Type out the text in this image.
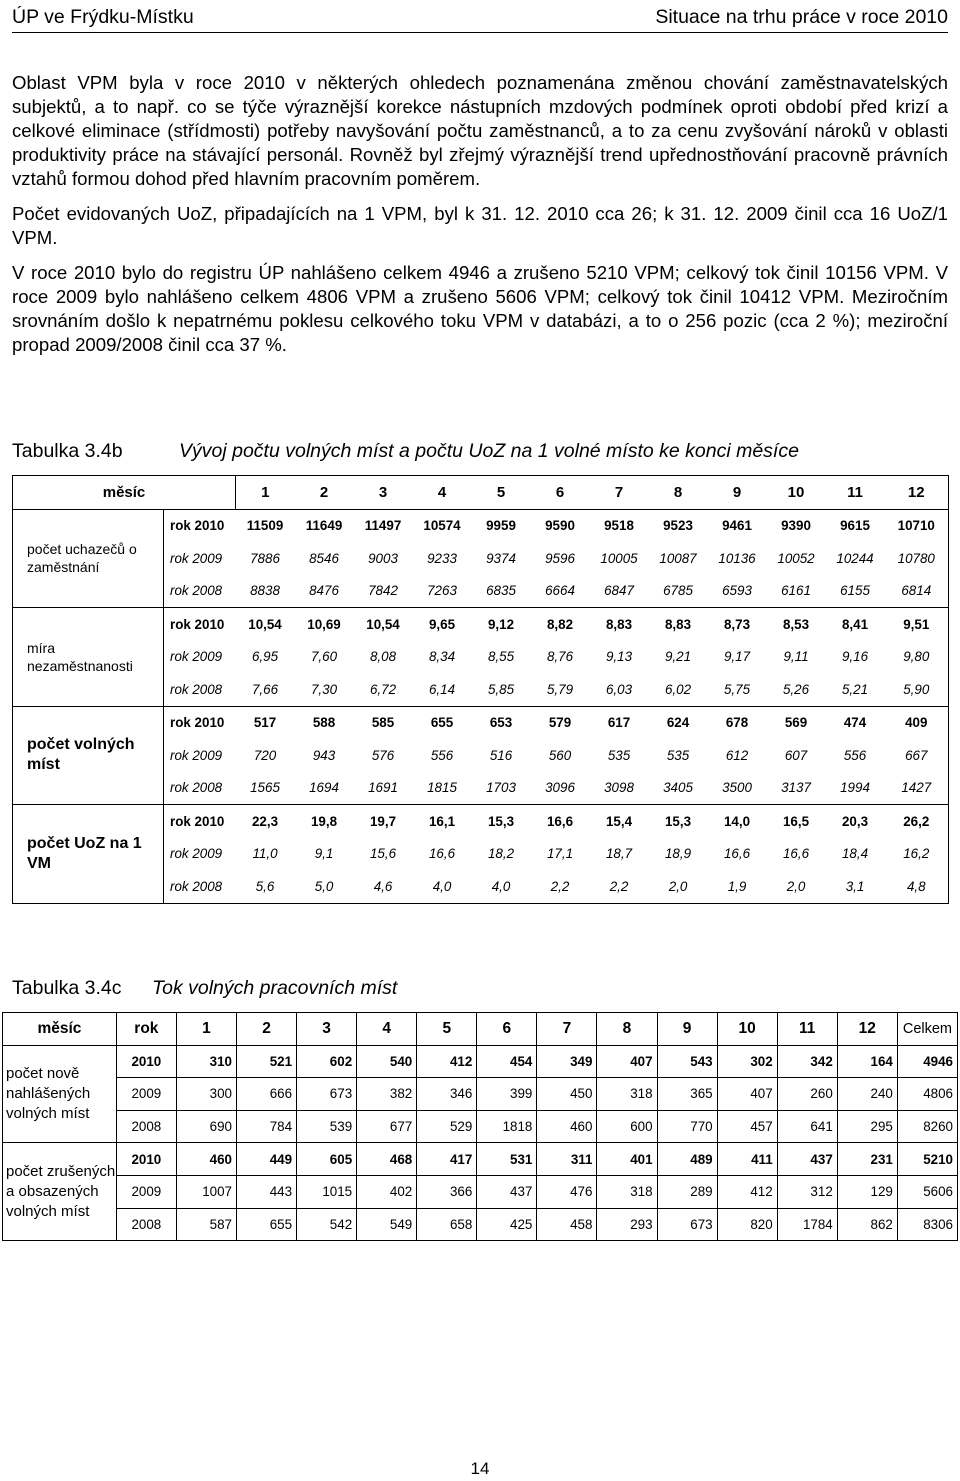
ÚP ve Frýdku-Místku	Situace na trhu práce v roce 2010

Oblast VPM byla v roce 2010 v některých ohledech poznamenána změnou chování zaměstnavatelských subjektů, a to např. co se týče výraznější korekce nástupních mzdových podmínek oproti období před krizí a celkové eliminace (střídmosti) potřeby navyšování počtu zaměstnanců, a to za cenu zvyšování nároků v oblasti produktivity práce na stávající personál. Rovněž byl zřejmý výraznější trend upřednostňování pracovně právních vztahů formou dohod před hlavním pracovním poměrem.

Počet evidovaných UoZ, připadajících na 1 VPM, byl k 31. 12. 2010 cca 26; k 31. 12. 2009 činil cca 16 UoZ/1 VPM.

V roce 2010 bylo do registru ÚP nahlášeno celkem 4946 a zrušeno 5210 VPM; celkový tok činil 10156 VPM. V roce 2009 bylo nahlášeno celkem 4806 VPM a zrušeno 5606 VPM; celkový tok činil 10412 VPM. Meziročním srovnáním došlo k nepatrnému poklesu celkového toku VPM v databázi, a to o 256 pozic (cca 2 %); meziroční propad 2009/2008 činil cca 37 %.

Tabulka 3.4b	Vývoj počtu volných míst a počtu UoZ na 1 volné místo ke konci měsíce
měsíc		1	2	3	4	5	6	7	8	9	10	11	12
počet uchazečů o zaměstnání	rok 2010	11509	11649	11497	10574	9959	9590	9518	9523	9461	9390	9615	10710
	rok 2009	7886	8546	9003	9233	9374	9596	10005	10087	10136	10052	10244	10780
	rok 2008	8838	8476	7842	7263	6835	6664	6847	6785	6593	6161	6155	6814
míra nezaměstnanosti	rok 2010	10,54	10,69	10,54	9,65	9,12	8,82	8,83	8,83	8,73	8,53	8,41	9,51
	rok 2009	6,95	7,60	8,08	8,34	8,55	8,76	9,13	9,21	9,17	9,11	9,16	9,80
	rok 2008	7,66	7,30	6,72	6,14	5,85	5,79	6,03	6,02	5,75	5,26	5,21	5,90
počet volných míst	rok 2010	517	588	585	655	653	579	617	624	678	569	474	409
	rok 2009	720	943	576	556	516	560	535	535	612	607	556	667
	rok 2008	1565	1694	1691	1815	1703	3096	3098	3405	3500	3137	1994	1427
počet UoZ na 1 VM	rok 2010	22,3	19,8	19,7	16,1	15,3	16,6	15,4	15,3	14,0	16,5	20,3	26,2
	rok 2009	11,0	9,1	15,6	16,6	18,2	17,1	18,7	18,9	16,6	16,6	18,4	16,2
	rok 2008	5,6	5,0	4,6	4,0	4,0	2,2	2,2	2,0	1,9	2,0	3,1	4,8
Tabulka 3.4c Tok volných pracovních míst
měsíc	rok	1	2	3	4	5	6	7	8	9	10	11	12	Celkem
počet nově nahlášených volných míst	2010	310	521	602	540	412	454	349	407	543	302	342	164	4946
	2009	300	666	673	382	346	399	450	318	365	407	260	240	4806
	2008	690	784	539	677	529	1818	460	600	770	457	641	295	8260
počet zrušených a obsazených volných míst	2010	460	449	605	468	417	531	311	401	489	411	437	231	5210
	2009	1007	443	1015	402	366	437	476	318	289	412	312	129	5606
	2008	587	655	542	549	658	425	458	293	673	820	1784	862	8306
14
